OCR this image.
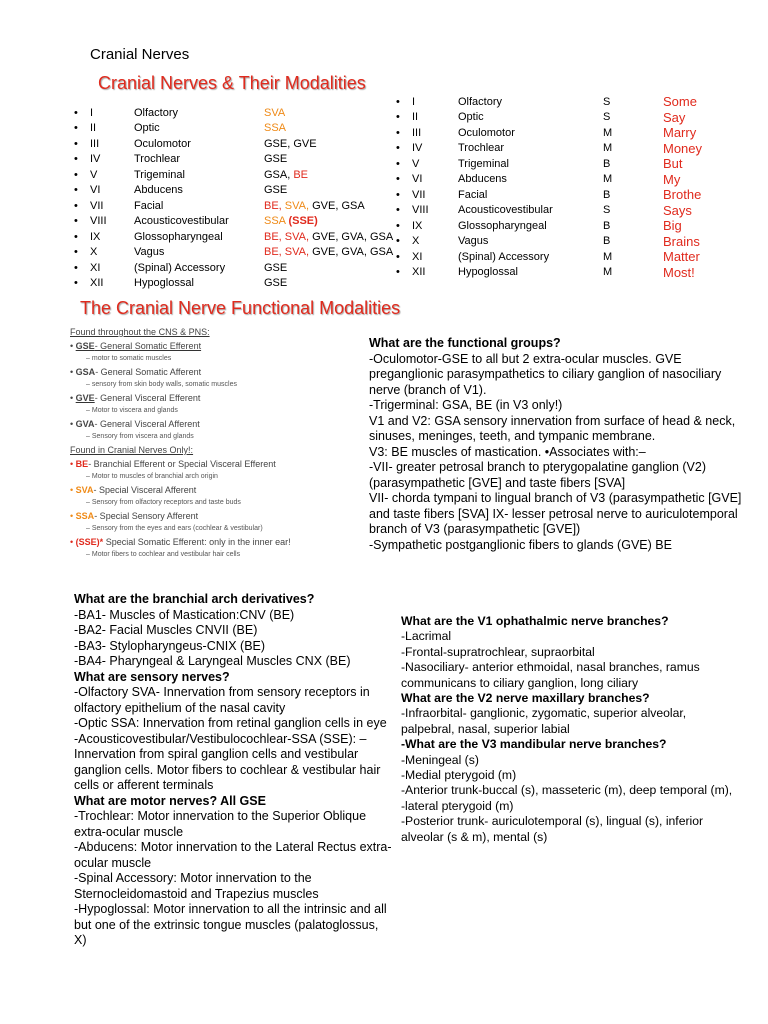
Cranial Nerves
Cranial Nerves & Their Modalities
•	I	Olfactory	SVA
•	II	Optic	SSA
•	III	Oculomotor	GSE, GVE
•	IV	Trochlear	GSE
•	V	Trigeminal	GSA, BE
•	VI	Abducens	GSE
•	VII	Facial	BE, SVA, GVE, GSA
•	VIII	Acousticovestibular	SSA (SSE)
•	IX	Glossopharyngeal	BE, SVA, GVE, GVA, GSA
•	X	Vagus	BE, SVA, GVE, GVA, GSA
•	XI	(Spinal) Accessory	GSE
•	XII	Hypoglossal	GSE
•	I	Olfactory	S	Some
•	II	Optic	S	Say
•	III	Oculomotor	M	Marry
•	IV	Trochlear	M	Money
•	V	Trigeminal	B	But
•	VI	Abducens	M	My
•	VII	Facial	B	Brothe
•	VIII	Acousticovestibular	S	Says
•	IX	Glossopharyngeal	B	Big
•	X	Vagus	B	Brains
•	XI	(Spinal) Accessory	M	Matter
•	XII	Hypoglossal	M	Most!
The Cranial Nerve Functional Modalities
Found throughout the CNS & PNS:
• GSE- General Somatic Efferent
– motor to somatic muscles
• GSA- General Somatic Afferent
– sensory from skin body walls, somatic muscles
• GVE- General Visceral Efferent
– Motor to viscera and glands
• GVA- General Visceral Afferent
– Sensory from viscera and glands
Found in Cranial Nerves Only!:
• BE- Branchial Efferent or Special Visceral Efferent
– Motor to muscles of branchial arch origin
• SVA- Special Visceral Afferent
– Sensory from olfactory receptors and taste buds
• SSA- Special Sensory Afferent
– Sensory from the eyes and ears (cochlear & vestibular)
• (SSE)* Special Somatic Efferent: only in the inner ear!
– Motor fibers to cochlear and vestibular hair cells
What are the functional groups?
-Oculomotor-GSE to all but 2 extra-ocular muscles. GVE preganglionic parasympathetics to ciliary ganglion of nasociliary nerve (branch of V1).
-Trigerminal: GSA, BE (in V3 only!)
V1 and V2: GSA sensory innervation from surface of head & neck, sinuses, meninges, teeth, and tympanic membrane.
V3: BE muscles of mastication. •Associates with:–
-VII- greater petrosal branch to pterygopalatine ganglion (V2) (parasympathetic [GVE] and taste fibers [SVA]
VII- chorda tympani to lingual branch of V3 (parasympathetic [GVE] and taste fibers [SVA] IX- lesser petrosal nerve to auriculotemporal branch of V3 (parasympathetic [GVE])
-Sympathetic postganglionic fibers to glands (GVE) BE
What are the branchial arch derivatives?
-BA1- Muscles of Mastication:CNV (BE)
-BA2- Facial Muscles CNVII (BE)
-BA3- Stylopharyngeus-CNIX (BE)
-BA4- Pharyngeal & Laryngeal Muscles CNX (BE)
What are sensory nerves?
-Olfactory SVA- Innervation from sensory receptors in olfactory epithelium of the nasal cavity
-Optic SSA: Innervation from retinal ganglion cells in eye
-Acousticovestibular/Vestibulocochlear-SSA (SSE): –Innervation from spiral ganglion cells and vestibular ganglion cells. Motor fibers to cochlear & vestibular hair cells or afferent terminals
What are motor nerves? All GSE
-Trochlear: Motor innervation to the Superior Oblique extra-ocular muscle
-Abducens: Motor innervation to the Lateral Rectus extra-ocular muscle
-Spinal Accessory: Motor innervation to the Sternocleidomastoid and Trapezius muscles
-Hypoglossal: Motor innervation to all the intrinsic and all but one of the extrinsic tongue muscles (palatoglossus, X)
What are the V1 ophathalmic nerve branches?
-Lacrimal
-Frontal-supratrochlear, supraorbital
-Nasociliary- anterior ethmoidal, nasal branches, ramus communicans to ciliary ganglion, long ciliary
What are the V2 nerve maxillary branches?
-Infraorbital- ganglionic, zygomatic, superior alveolar, palpebral, nasal, superior labial
-What are the V3 mandibular nerve branches?
-Meningeal (s)
-Medial pterygoid (m)
-Anterior trunk-buccal (s), masseteric (m), deep temporal (m),
-lateral pterygoid (m)
-Posterior trunk- auriculotemporal (s), lingual (s), inferior alveolar (s & m), mental (s)
